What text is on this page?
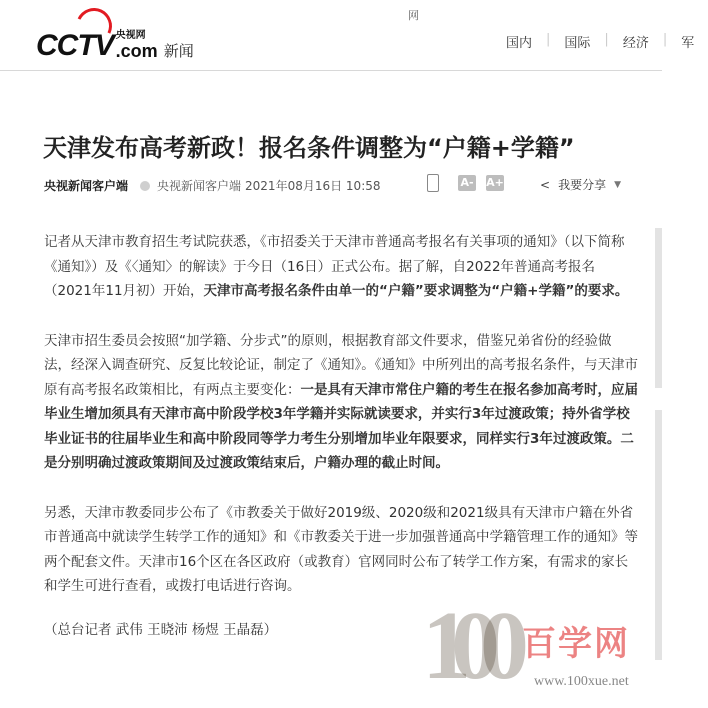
网
CCTV 央视网
.com 新闻	国内 | 国际 | 经济 | 军
天津发布高考新政！报名条件调整为“户籍+学籍”
央视新闻客户端 央视新闻客户端 2021年08月16日 10:58	A- A+	< 我要分享 ▼

记者从天津市教育招生考试院获悉，《市招委关于天津市普通高考报名有关事项的通知》（以下简称《通知》）及《〈通知〉的解读》于今日（16日）正式公布。据了解，自2022年普通高考报名（2021年11月初）开始，天津市高考报名条件由单一的“户籍”要求调整为“户籍+学籍”的要求。

天津市招生委员会按照“加学籍、分步式”的原则，根据教育部文件要求，借鉴兄弟省份的经验做法，经深入调查研究、反复比较论证，制定了《通知》。《通知》中所列出的高考报名条件，与天津市原有高考报名政策相比，有两点主要变化：一是具有天津市常住户籍的考生在报名参加高考时，应届毕业生增加须具有天津市高中阶段学校3年学籍并实际就读要求，并实行3年过渡政策；持外省学校毕业证书的往届毕业生和高中阶段同等学力考生分别增加毕业年限要求，同样实行3年过渡政策。二是分别明确过渡政策期间及过渡政策结束后，户籍办理的截止时间。

另悉，天津市教委同步公布了《市教委关于做好2019级、2020级和2021级具有天津市户籍在外省市普通高中就读学生转学工作的通知》和《市教委关于进一步加强普通高中学籍管理工作的通知》等两个配套文件。天津市16个区在各区政府（或教育）官网同时公布了转学工作方案，有需求的家长和学生可进行查看，或拨打电话进行咨询。

（总台记者 武伟 王晓沛 杨煜 王晶磊）	100 百学网
www.100xue.net
